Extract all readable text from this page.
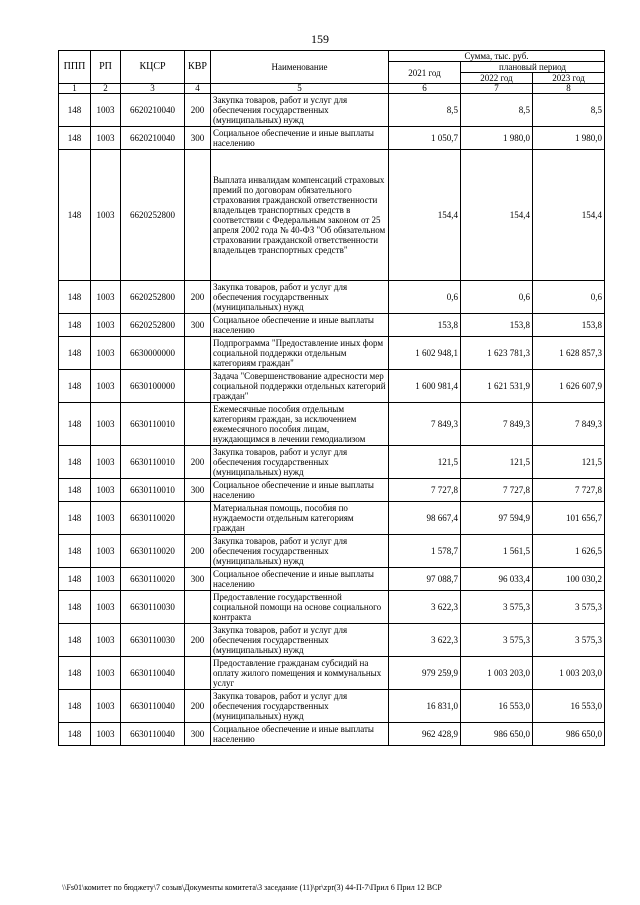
159
ППП	РП	КЦСР	КВР	Наименование	Сумма, тыс. руб.		
					2021 год	плановый период	
						2022 год	2023 год
1	2	3	4	5	6	7	8
148	1003	6620210040	200	Закупка товаров, работ и услуг для обеспечения государственных (муниципальных) нужд	8,5	8,5	8,5
148	1003	6620210040	300	Социальное обеспечение и иные выплаты населению	1 050,7	1 980,0	1 980,0
148	1003	6620252800		Выплата инвалидам компенсаций страховых премий по договорам обязательного страхования гражданской ответственности владельцев транспортных средств в соответствии с Федеральным законом от 25 апреля 2002 года № 40-ФЗ "Об обязательном страховании гражданской ответственности владельцев транспортных средств"	154,4	154,4	154,4
148	1003	6620252800	200	Закупка товаров, работ и услуг для обеспечения государственных (муниципальных) нужд	0,6	0,6	0,6
148	1003	6620252800	300	Социальное обеспечение и иные выплаты населению	153,8	153,8	153,8
148	1003	6630000000		Подпрограмма "Предоставление иных форм социальной поддержки отдельным категориям граждан"	1 602 948,1	1 623 781,3	1 628 857,3
148	1003	6630100000		Задача "Совершенствование адресности мер социальной поддержки отдельных категорий граждан"	1 600 981,4	1 621 531,9	1 626 607,9
148	1003	6630110010		Ежемесячные пособия отдельным категориям граждан, за исключением ежемесячного пособия лицам, нуждающимся в лечении гемодиализом	7 849,3	7 849,3	7 849,3
148	1003	6630110010	200	Закупка товаров, работ и услуг для обеспечения государственных (муниципальных) нужд	121,5	121,5	121,5
148	1003	6630110010	300	Социальное обеспечение и иные выплаты населению	7 727,8	7 727,8	7 727,8
148	1003	6630110020		Материальная помощь, пособия по нуждаемости отдельным категориям граждан	98 667,4	97 594,9	101 656,7
148	1003	6630110020	200	Закупка товаров, работ и услуг для обеспечения государственных (муниципальных) нужд	1 578,7	1 561,5	1 626,5
148	1003	6630110020	300	Социальное обеспечение и иные выплаты населению	97 088,7	96 033,4	100 030,2
148	1003	6630110030		Предоставление государственной социальной помощи на основе социального контракта	3 622,3	3 575,3	3 575,3
148	1003	6630110030	200	Закупка товаров, работ и услуг для обеспечения государственных (муниципальных) нужд	3 622,3	3 575,3	3 575,3
148	1003	6630110040		Предоставление гражданам субсидий на оплату жилого помещения и коммунальных услуг	979 259,9	1 003 203,0	1 003 203,0
148	1003	6630110040	200	Закупка товаров, работ и услуг для обеспечения государственных (муниципальных) нужд	16 831,0	16 553,0	16 553,0
148	1003	6630110040	300	Социальное обеспечение и иные выплаты населению	962 428,9	986 650,0	986 650,0
\\Fs01\комитет по бюджету\7 созыв\Документы комитета\3 заседание (11)\pr\zpr(3) 44-П-7\Прил 6 Прил 12 ВСР
